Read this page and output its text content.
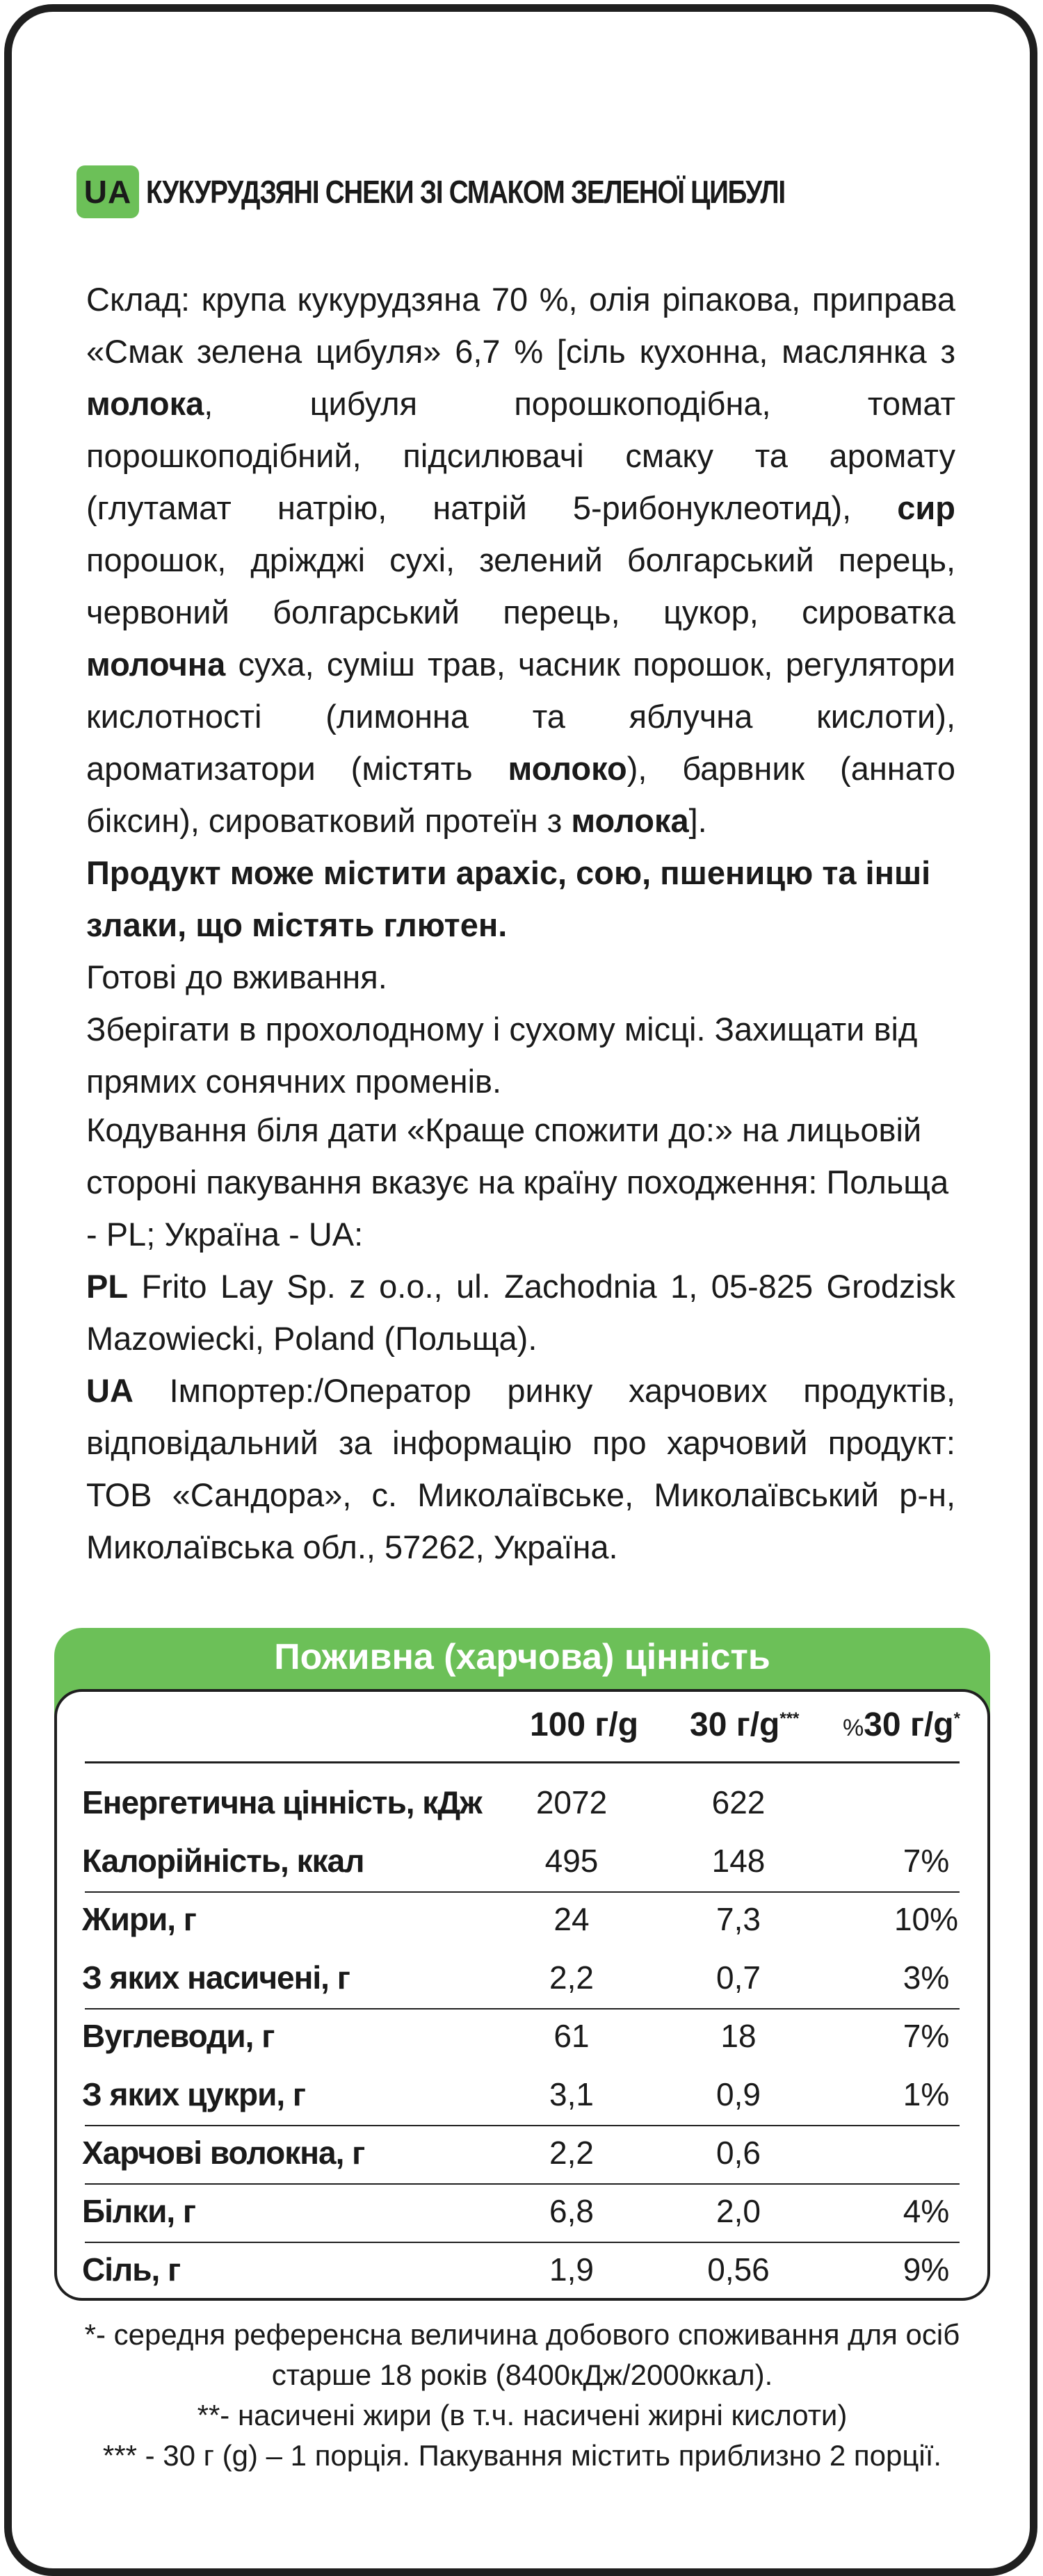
UA КУКУРУДЗЯНІ СНЕКИ ЗІ СМАКОМ ЗЕЛЕНОЇ ЦИБУЛІ

Склад: крупа кукурудзяна 70 %, олія ріпакова, приправа «Смак зелена цибуля» 6,7 % [сіль кухонна, маслянка з молока, цибуля порошкоподібна, томат порошкоподібний, підсилювачі смаку та аромату (глутамат натрію, натрій 5-рибонуклеотид), сир порошок, дріжджі сухі, зелений болгарський перець, червоний болгарський перець, цукор, сироватка молочна суха, суміш трав, часник порошок, регулятори кислотності (лимонна та яблучна кислоти), ароматизатори (містять молоко), барвник (аннато біксин), сироватковий протеїн з молока].

Продукт може містити арахіс, сою, пшеницю та інші злаки, що містять глютен.

Готові до вживання.

Зберігати в прохолодному і сухому місці. Захищати від прямих сонячних променів.

Кодування біля дати «Краще спожити до:» на лицьовій стороні пакування вказує на країну походження: Польща - PL; Україна - UA:

PL Frito Lay Sp. z o.o., ul. Zachodnia 1, 05-825 Grodzisk Mazowiecki, Poland (Польща).

UA Імпортер:/Оператор ринку харчових продуктів, відповідальний за інформацію про харчовий продукт: ТОВ «Сандора», с. Миколаївське, Миколаївський р-н, Миколаївська обл., 57262, Україна.

Поживна (харчова) цінність
100 г/g 30 г/g*** %30 г/g*
Енергетична цінність, кДж 2072	622
Калорійність, ккал	495	148	7%
Жири, г	24	7,3	10%
З яких насичені, г	2,2	0,7	3%
Вуглеводи, г	61	18	7%
З яких цукри, г	3,1	0,9	1%
Харчові волокна, г	2,2	0,6
Білки, г	6,8	2,0	4%
Сіль, г	1,9	0,56	9%
*- середня референсна величина добового споживання для осіб старше 18 років (8400кДж/2000ккал).
**- насичені жири (в т.ч. насичені жирні кислоти)
*** - 30 г (g) – 1 порція. Пакування містить приблизно 2 порції.
